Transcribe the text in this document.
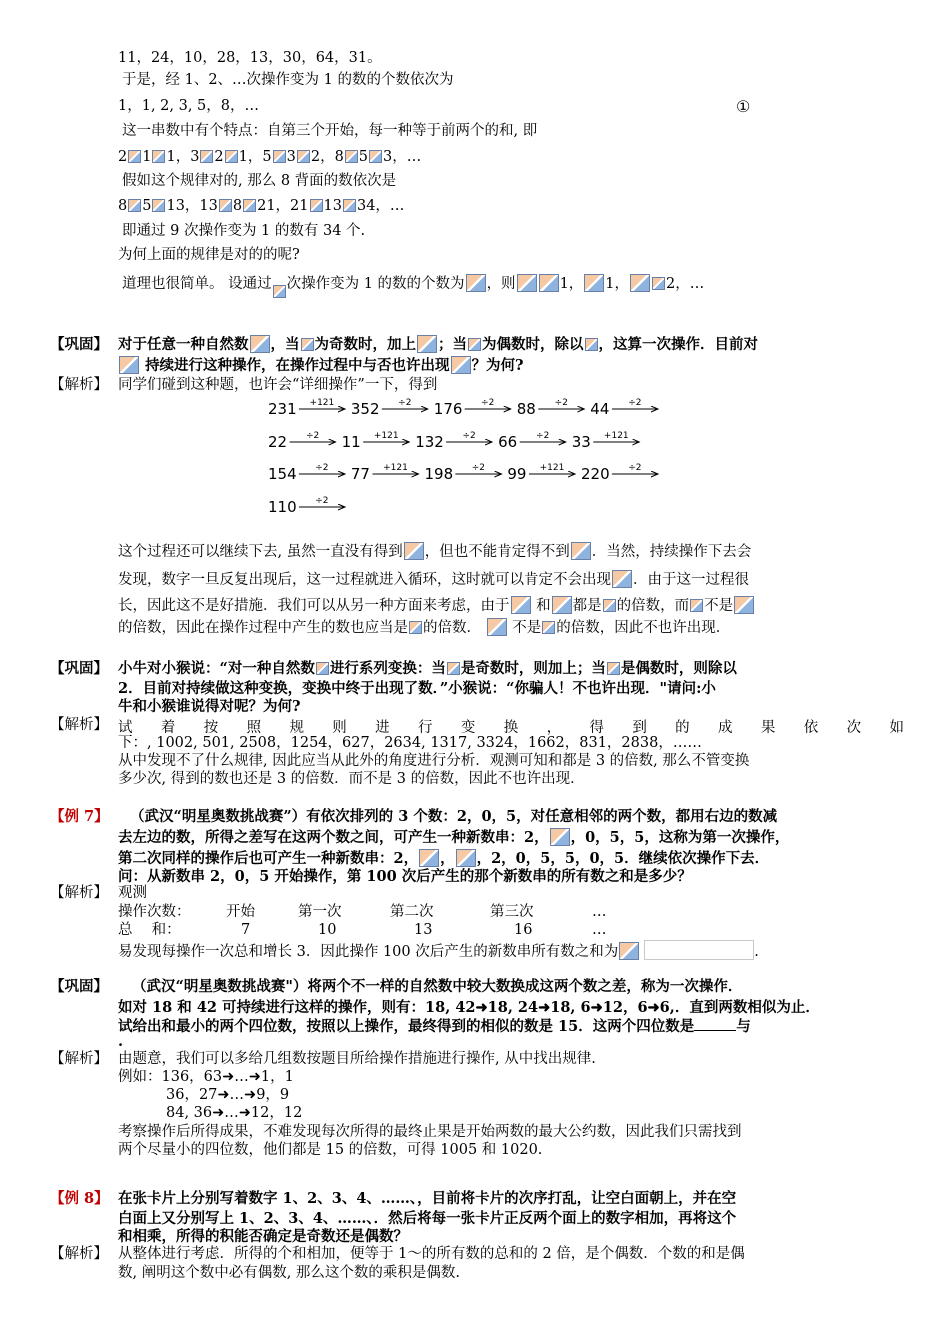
11，24，10，28，13，30，64，31。
于是，经 1、2、…次操作变为 1 的数的个数依次为
1，1, 2, 3, 5，8，…	①
这一串数中有个特点：自第三个开始，每一种等于前两个的和, 即
2 1 1，3 2 1，5 3 2，8 5 3，…
假如这个规律对的, 那么 8 背面的数依次是
8 5 13，13 8 21，21 13 34，…
即通过 9 次操作变为 1 的数有 34 个.
为何上面的规律是对的的呢?
道理也很简单。 设通过 次操作变为 1 的数的个数为 ，则	1， 1，	2，…
【巩固】 对于任意一种自然数 ，当 为奇数时，加上 ；当 为偶数时，除以 ，这算一次操作．目前对
持续进行这种操作，在操作过程中与否也许出现 ？为何?
【解析】 同学们碰到这种题，也许会“详细操作”一下，得到
231 +121 352 ÷2 176 ÷2 88 ÷2 44 ÷2
22 ÷2 11 +121 132 ÷2 66 ÷2 33 +121
154 ÷2 77 +121 198 ÷2 99 +121 220 ÷2
110 ÷2
这个过程还可以继续下去, 虽然一直没有得到 ，但也不能肯定得不到 ．当然，持续操作下去会
发现，数字一旦反复出现后，这一过程就进入循环，这时就可以肯定不会出现 ．由于这一过程很
长，因此这不是好措施．我们可以从另一种方面来考虑，由于 和 都是 的倍数，而 不是
的倍数，因此在操作过程中产生的数也应当是 的倍数． 不是 的倍数，因此不也许出现．
【巩固】 小牛对小猴说：“对一种自然数 进行系列变换：当 是奇数时，则加上；当 是偶数时，则除以
2．目前对持续做这种变换，变换中终于出现了数．”小猴说：“你骗人！不也许出现．"请问:小
牛和小猴谁说得对呢？为何?
【解析】 试 着 按 照 规 则 进 行 变 换 ， 得 到 的 成 果 依 次 如
下：, 1002, 501, 2508，1254，627，2634, 1317, 3324，1662，831，2838，……
从中发现不了什么规律, 因此应当从此外的角度进行分析．观测可知和都是 3 的倍数, 那么不管变换
多少次, 得到的数也还是 3 的倍数．而不是 3 的倍数，因此不也许出现．
【例 7】 （武汉“明星奥数挑战赛”）有依次排列的 3 个数：2，0，5，对任意相邻的两个数，都用右边的数减
去左边的数，所得之差写在这两个数之间，可产生一种新数串：2， ，0，5，5，这称为第一次操作，
第二次同样的操作后也可产生一种新数串：2， ， ，2，0，5，5，0，5．继续依次操作下去．
问：从新数串 2，0，5 开始操作，第 100 次后产生的那个新数串的所有数之和是多少？
【解析】 观测
操作次数： 开始	第一次	第二次	第三次	…
总　 和：	7	10	13	16	…
易发现每操作一次总和增长 3．因此操作 100 次后产生的新数串所有数之和为	.
【巩固】 （武汉“明星奥数挑战赛"）将两个不一样的自然数中较大数换成这两个数之差，称为一次操作．
如对 18 和 42 可持续进行这样的操作，则有：18, 42➜18, 24➜18, 6➜12，6➜6,．直到两数相似为止．
试给出和最小的两个四位数，按照以上操作，最终得到的相似的数是 15．这两个四位数是	与
.
【解析】 由题意，我们可以多给几组数按题目所给操作措施进行操作, 从中找出规律.
例如：136，63➜…➜1，1
36，27➜…➜9，9
84, 36➜…➜12，12
考察操作后所得成果，不难发现每次所得的最终止果是开始两数的最大公约数，因此我们只需找到
两个尽量小的四位数，他们都是 15 的倍数，可得 1005 和 1020.
【例 8】 在张卡片上分别写着数字 1、2、3、4、……、，目前将卡片的次序打乱，让空白面朝上，并在空
白面上又分别写上 1、2、3、4、……、．然后将每一张卡片正反两个面上的数字相加，再将这个
和相乘，所得的积能否确定是奇数还是偶数？
【解析】 从整体进行考虑．所得的个和相加，便等于 1～的所有数的总和的 2 倍，是个偶数．个数的和是偶
数, 阐明这个数中必有偶数, 那么这个数的乘积是偶数.
